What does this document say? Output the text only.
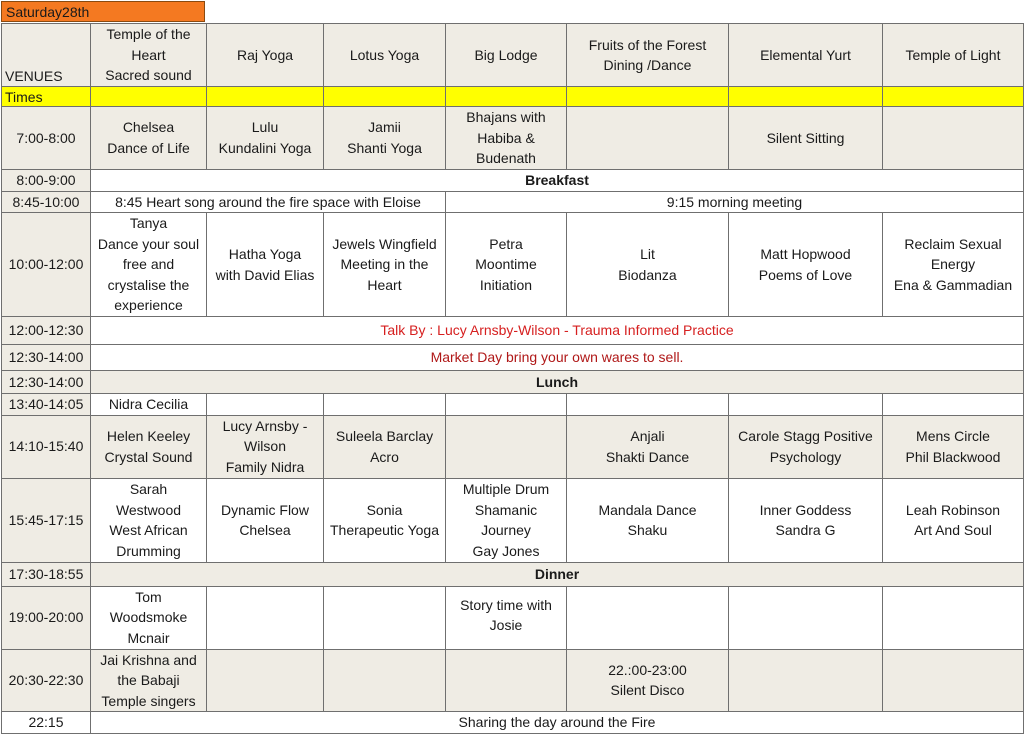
Saturday28th
VENUES	Temple of the
Heart
Sacred sound	Raj Yoga	Lotus Yoga	Big Lodge	Fruits of the Forest
Dining /Dance	Elemental Yurt	Temple of Light

Times							
7:00-8:00	Chelsea
Dance of Life	Lulu
Kundalini Yoga	Jamii
Shanti Yoga	Bhajans with
Habiba &
Budenath		Silent Sitting	

8:00-9:00	Breakfast						
8:45-10:00	8:45 Heart song around the fire space with Eloise			9:15 morning meeting			
10:00-12:00	Tanya
Dance your soul
free and
crystalise the
experience	Hatha Yoga
with David Elias	Jewels Wingfield
Meeting in the
Heart	Petra
Moontime
Initiation	Lit
Biodanza	Matt Hopwood
Poems of Love	Reclaim Sexual
Energy
Ena & Gammadian

12:00-12:30	Talk By : Lucy Arnsby-Wilson - Trauma Informed Practice						
12:30-14:00	Market Day bring your own wares to sell.						
12:30-14:00	Lunch						
13:40-14:05	Nidra Cecilia						
14:10-15:40	Helen Keeley
Crystal Sound	Lucy Arnsby -
Wilson
Family Nidra	Suleela Barclay
Acro		Anjali
Shakti Dance	Carole Stagg Positive
Psychology	Mens Circle
Phil Blackwood

15:45-17:15	Sarah
Westwood
West African
Drumming	Dynamic Flow
Chelsea	Sonia
Therapeutic Yoga	Multiple Drum
Shamanic
Journey
Gay Jones	Mandala Dance
Shaku	Inner Goddess
Sandra G	Leah Robinson
Art And Soul

17:30-18:55	Dinner						
19:00-20:00	Tom
Woodsmoke
Mcnair			Story time with
Josie			

20:30-22:30	Jai Krishna and
the Babaji
Temple singers				22.:00-23:00
Silent Disco		

22:15	Sharing the day around the Fire						
